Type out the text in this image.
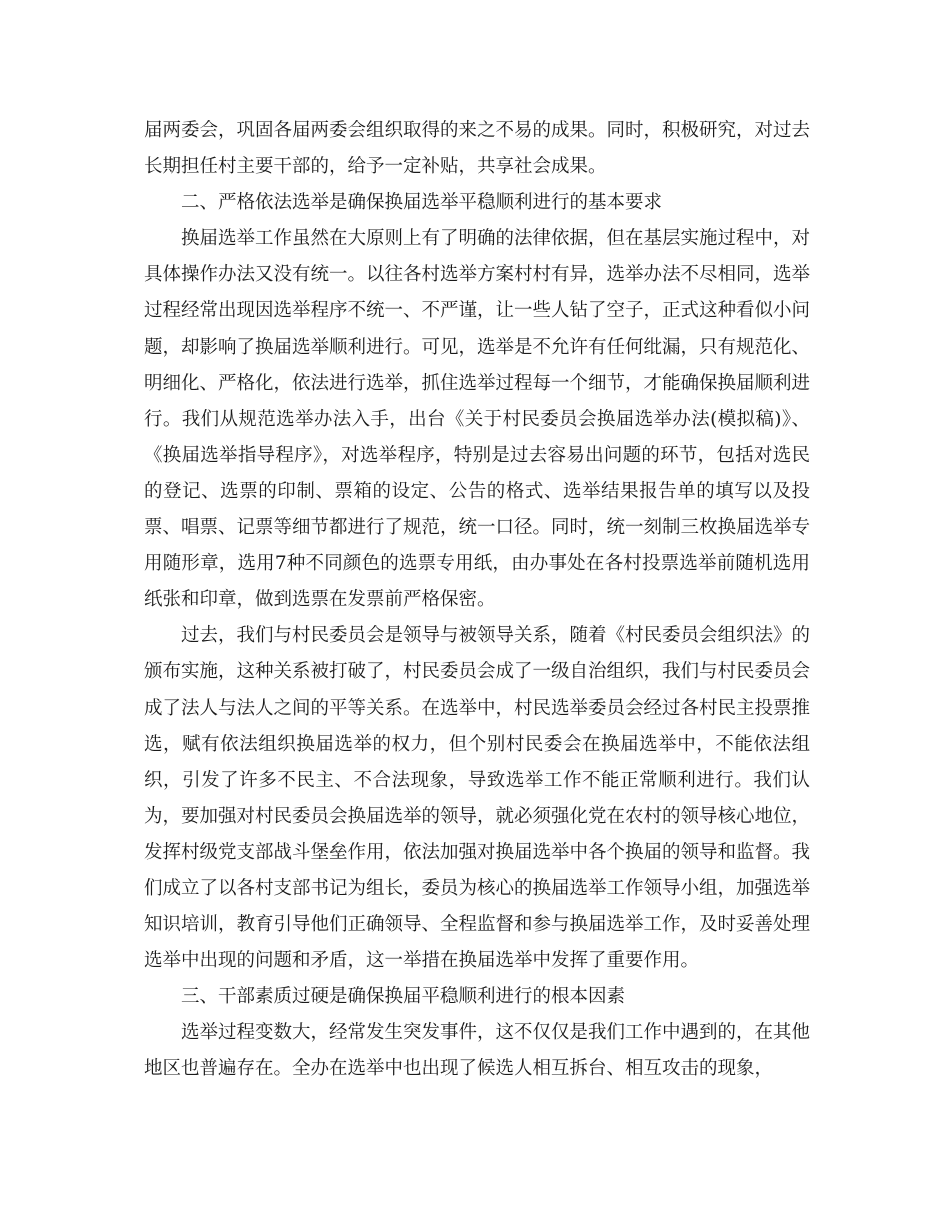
届两委会，巩固各届两委会组织取得的来之不易的成果。同时，积极研究，对过去长期担任村主要干部的，给予一定补贴，共享社会成果。

二、严格依法选举是确保换届选举平稳顺利进行的基本要求

换届选举工作虽然在大原则上有了明确的法律依据，但在基层实施过程中，对具体操作办法又没有统一。以往各村选举方案村村有异，选举办法不尽相同，选举过程经常出现因选举程序不统一、不严谨，让一些人钻了空子，正式这种看似小问题，却影响了换届选举顺利进行。可见，选举是不允许有任何纰漏，只有规范化、明细化、严格化，依法进行选举，抓住选举过程每一个细节，才能确保换届顺利进行。我们从规范选举办法入手，出台《关于村民委员会换届选举办法(模拟稿)》、《换届选举指导程序》，对选举程序，特别是过去容易出问题的环节，包括对选民的登记、选票的印制、票箱的设定、公告的格式、选举结果报告单的填写以及投票、唱票、记票等细节都进行了规范，统一口径。同时，统一刻制三枚换届选举专用随形章，选用7种不同颜色的选票专用纸，由办事处在各村投票选举前随机选用纸张和印章，做到选票在发票前严格保密。

过去，我们与村民委员会是领导与被领导关系，随着《村民委员会组织法》的颁布实施，这种关系被打破了，村民委员会成了一级自治组织，我们与村民委员会成了法人与法人之间的平等关系。在选举中，村民选举委员会经过各村民主投票推选，赋有依法组织换届选举的权力，但个别村民委会在换届选举中，不能依法组织，引发了许多不民主、不合法现象，导致选举工作不能正常顺利进行。我们认为，要加强对村民委员会换届选举的领导，就必须强化党在农村的领导核心地位，发挥村级党支部战斗堡垒作用，依法加强对换届选举中各个换届的领导和监督。我们成立了以各村支部书记为组长，委员为核心的换届选举工作领导小组，加强选举知识培训，教育引导他们正确领导、全程监督和参与换届选举工作，及时妥善处理选举中出现的问题和矛盾，这一举措在换届选举中发挥了重要作用。

三、干部素质过硬是确保换届平稳顺利进行的根本因素

选举过程变数大，经常发生突发事件，这不仅仅是我们工作中遇到的，在其他地区也普遍存在。全办在选举中也出现了候选人相互拆台、相互攻击的现象，
